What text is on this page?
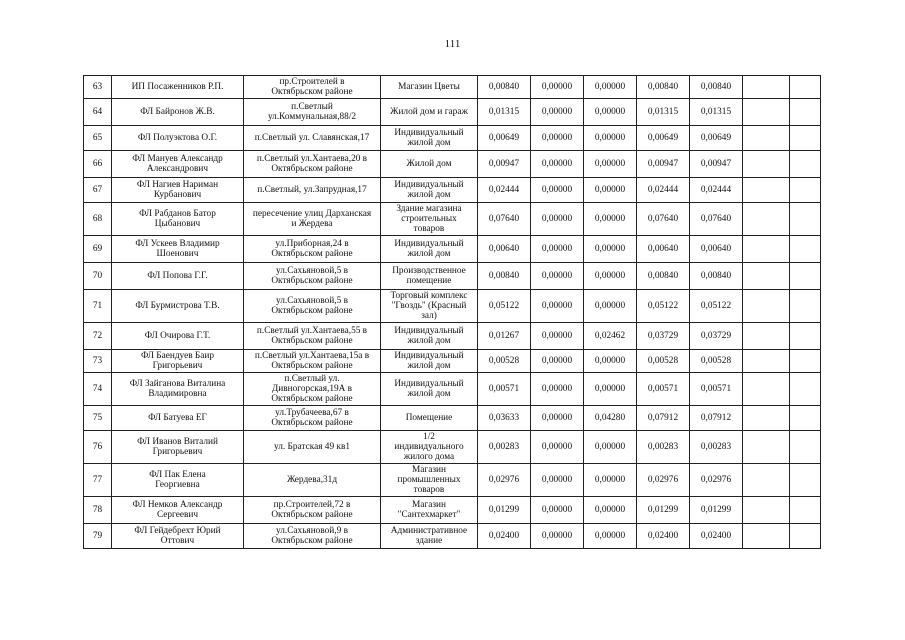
111
63	ИП Посаженников Р.П.	пр.Строителей в
Октябрьском районе	Магазин Цветы	0,00840	0,00000	0,00000	0,00840	0,00840		
64	ФЛ Байронов Ж.В.	п.Светлый
ул.Коммунальная,88/2	Жилой дом и гараж	0,01315	0,00000	0,00000	0,01315	0,01315		
65	ФЛ Полуэктова О.Г.	п.Светлый ул. Славянская,17	Индивидуальный
жилой дом	0,00649	0,00000	0,00000	0,00649	0,00649		
66	ФЛ Мануев Александр
Александрович	п.Светлый ул.Хантаева,20 в
Октябрьском районе	Жилой дом	0,00947	0,00000	0,00000	0,00947	0,00947		
67	ФЛ Нагиев Нариман
Курбанович	п.Светлый, ул.Запрудная,17	Индивидуальный
жилой дом	0,02444	0,00000	0,00000	0,02444	0,02444		
68	ФЛ Рабданов Батор
Цыбанович	пересечение улиц Дарханская
и Жердева	Здание магазина
строительных
товаров	0,07640	0,00000	0,00000	0,07640	0,07640		
69	ФЛ Ускеев Владимир
Шоенович	ул.Приборная,24 в
Октябрьском районе	Индивидуальный
жилой дом	0,00640	0,00000	0,00000	0,00640	0,00640		
70	ФЛ Попова Г.Г.	ул.Сахьяновой,5 в
Октябрьском районе	Производственное
помещение	0,00840	0,00000	0,00000	0,00840	0,00840		
71	ФЛ Бурмистрова Т.В.	ул.Сахьяновой,5 в
Октябрьском районе	Торговый комплекс
"Гвоздь" (Красный
зал)	0,05122	0,00000	0,00000	0,05122	0,05122		
72	ФЛ Очирова Г.Т.	п.Светлый ул.Хантаева,55 в
Октябрьском районе	Индивидуальный
жилой дом	0,01267	0,00000	0,02462	0,03729	0,03729		
73	ФЛ Баендуев Баир
Григорьевич	п.Светлый ул.Хантаева,15а в
Октябрьском районе	Индивидуальный
жилой дом	0,00528	0,00000	0,00000	0,00528	0,00528		
74	ФЛ Зайганова Виталина
Владимировна	п.Светлый ул.
Дивногорская,19А в
Октябрьском районе	Индивидуальный
жилой дом	0,00571	0,00000	0,00000	0,00571	0,00571		
75	ФЛ Батуева ЕГ	ул.Трубачеева,67 в
Октябрьском районе	Помещение	0,03633	0,00000	0,04280	0,07912	0,07912		
76	ФЛ Иванов Виталий
Григорьевич	ул. Братская 49 кв1	1/2
индивидуального
жилого дома	0,00283	0,00000	0,00000	0,00283	0,00283		
77	ФЛ Пак Елена
Георгиевна	Жердева,31д	Магазин
промышленных
товаров	0,02976	0,00000	0,00000	0,02976	0,02976		
78	ФЛ Немков Александр
Сергеевич	пр.Строителей,72 в
Октябрьском районе	Магазин
"Сантехмаркет"	0,01299	0,00000	0,00000	0,01299	0,01299		
79	ФЛ Гейдебрехт Юрий
Оттович	ул.Сахьяновой,9 в
Октябрьском районе	Административное
здание	0,02400	0,00000	0,00000	0,02400	0,02400		
